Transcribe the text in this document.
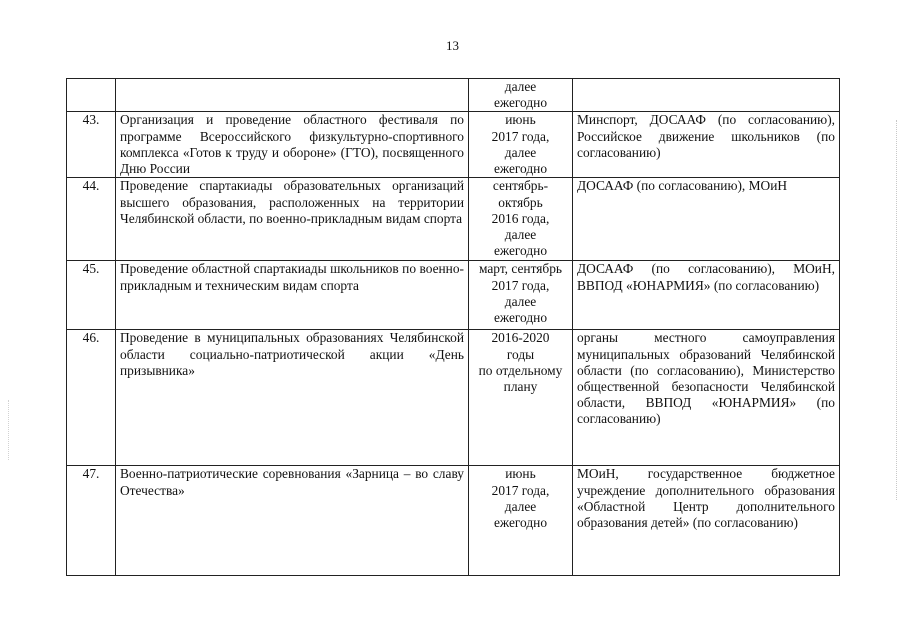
13

		далее
ежегодно	

43.	Организация и проведение областного фестиваля по программе Всероссийского физкультурно-спортивного комплекса «Готов к труду и обороне» (ГТО), посвященного Дню России	июнь
2017 года,
далее
ежегодно	Минспорт, ДОСААФ (по согласованию), Российское движение школьников (по согласованию)
44.	Проведение спартакиады образовательных организаций высшего образования, расположенных на территории Челябинской области, по военно-прикладным видам спорта	сентябрь-
октябрь
2016 года,
далее
ежегодно	ДОСААФ (по согласованию), МОиН
45.	Проведение областной спартакиады школьников по военно-прикладным и техническим видам спорта	март, сентябрь
2017 года,
далее
ежегодно	ДОСААФ (по согласованию), МОиН, ВВПОД «ЮНАРМИЯ» (по согласованию)
46.	Проведение в муниципальных образованиях Челябинской области социально-патриотической акции «День призывника»	2016-2020
годы
по отдельному
плану	органы местного самоуправления муниципальных образований Челябинской области (по согласованию), Министерство общественной безопасности Челябинской области, ВВПОД «ЮНАРМИЯ» (по согласованию)
47.	Военно-патриотические соревнования «Зарница – во славу Отечества»	июнь
2017 года,
далее
ежегодно	МОиН, государственное бюджетное учреждение дополнительного образования «Областной Центр дополнительного образования детей» (по согласованию)
